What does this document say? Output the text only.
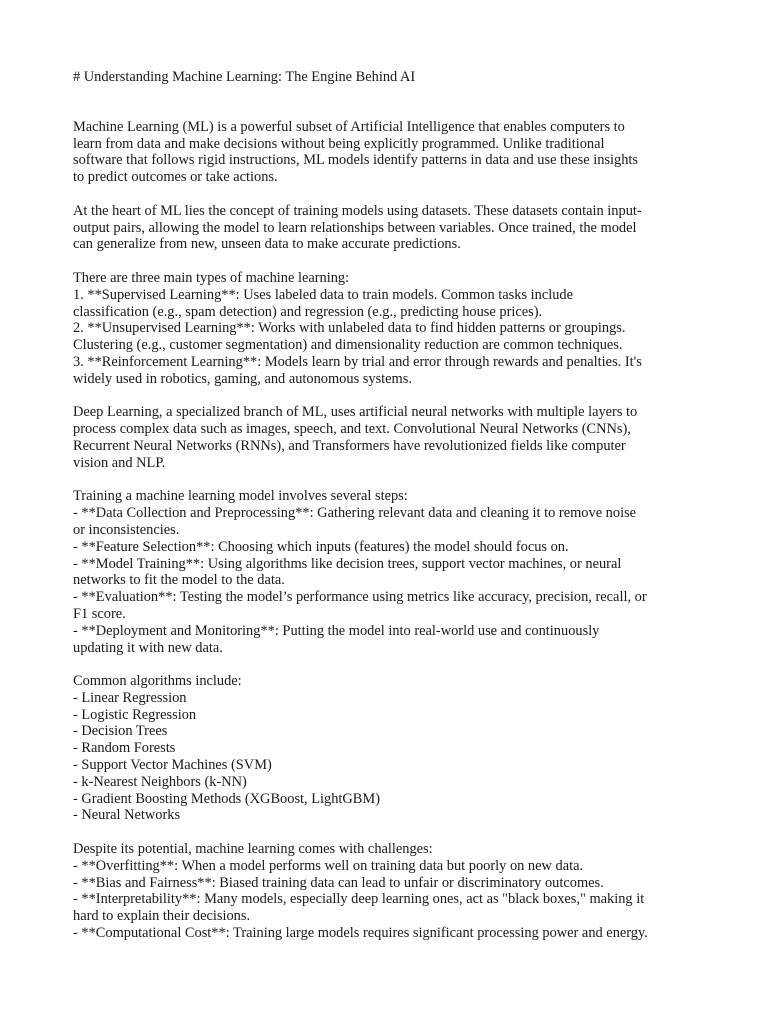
# Understanding Machine Learning: The Engine Behind AI
Machine Learning (ML) is a powerful subset of Artificial Intelligence that enables computers to
learn from data and make decisions without being explicitly programmed. Unlike traditional
software that follows rigid instructions, ML models identify patterns in data and use these insights
to predict outcomes or take actions.
At the heart of ML lies the concept of training models using datasets. These datasets contain input-
output pairs, allowing the model to learn relationships between variables. Once trained, the model
can generalize from new, unseen data to make accurate predictions.
There are three main types of machine learning:
1. **Supervised Learning**: Uses labeled data to train models. Common tasks include
classification (e.g., spam detection) and regression (e.g., predicting house prices).
2. **Unsupervised Learning**: Works with unlabeled data to find hidden patterns or groupings.
Clustering (e.g., customer segmentation) and dimensionality reduction are common techniques.
3. **Reinforcement Learning**: Models learn by trial and error through rewards and penalties. It's
widely used in robotics, gaming, and autonomous systems.
Deep Learning, a specialized branch of ML, uses artificial neural networks with multiple layers to
process complex data such as images, speech, and text. Convolutional Neural Networks (CNNs),
Recurrent Neural Networks (RNNs), and Transformers have revolutionized fields like computer
vision and NLP.
Training a machine learning model involves several steps:
- **Data Collection and Preprocessing**: Gathering relevant data and cleaning it to remove noise
or inconsistencies.
- **Feature Selection**: Choosing which inputs (features) the model should focus on.
- **Model Training**: Using algorithms like decision trees, support vector machines, or neural
networks to fit the model to the data.
- **Evaluation**: Testing the model’s performance using metrics like accuracy, precision, recall, or
F1 score.
- **Deployment and Monitoring**: Putting the model into real-world use and continuously
updating it with new data.
Common algorithms include:
- Linear Regression
- Logistic Regression
- Decision Trees
- Random Forests
- Support Vector Machines (SVM)
- k-Nearest Neighbors (k-NN)
- Gradient Boosting Methods (XGBoost, LightGBM)
- Neural Networks
Despite its potential, machine learning comes with challenges:
- **Overfitting**: When a model performs well on training data but poorly on new data.
- **Bias and Fairness**: Biased training data can lead to unfair or discriminatory outcomes.
- **Interpretability**: Many models, especially deep learning ones, act as "black boxes," making it
hard to explain their decisions.
- **Computational Cost**: Training large models requires significant processing power and energy.
